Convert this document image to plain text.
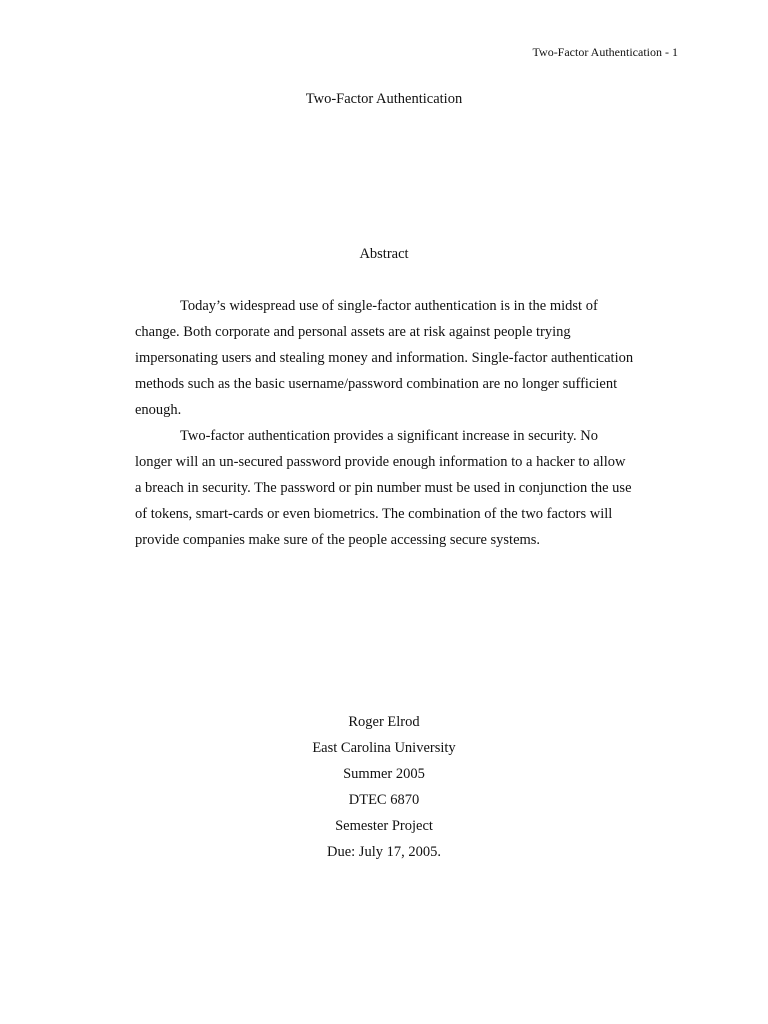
Two-Factor Authentication - 1
Two-Factor Authentication
Abstract

Today’s widespread use of single-factor authentication is in the midst of change. Both corporate and personal assets are at risk against people trying impersonating users and stealing money and information. Single-factor authentication methods such as the basic username/password combination are no longer sufficient enough.

Two-factor authentication provides a significant increase in security. No longer will an un-secured password provide enough information to a hacker to allow a breach in security. The password or pin number must be used in conjunction the use of tokens, smart-cards or even biometrics. The combination of the two factors will provide companies make sure of the people accessing secure systems.

Roger Elrod
East Carolina University
Summer 2005
DTEC 6870
Semester Project
Due: July 17, 2005.
